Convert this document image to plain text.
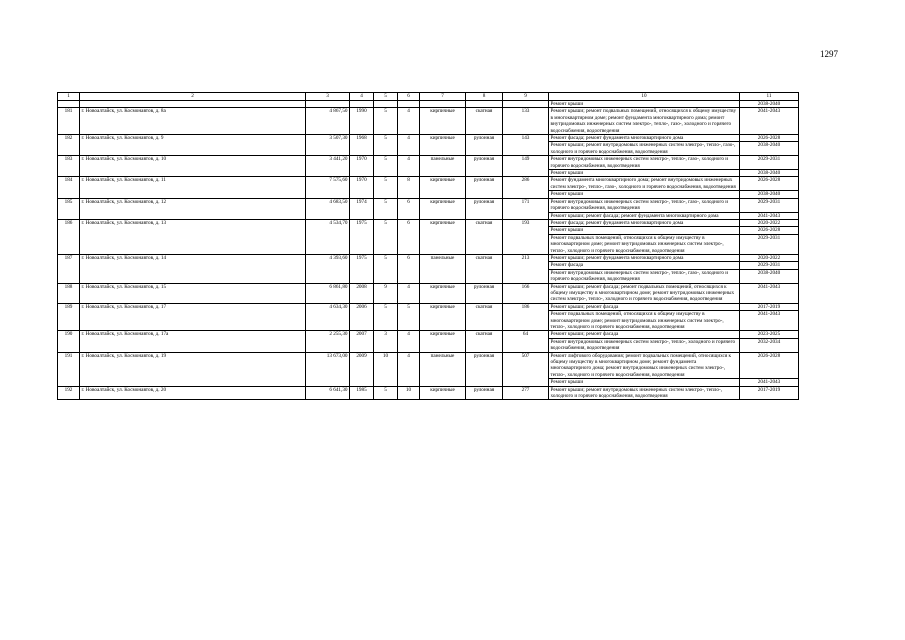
1297
1	2	3	4	5	6	7	8	9	10	11
									Ремонт крыши	2038-2040
181	г. Новоалтайск, ул. Космонавтов, д. 8а	4 867,50	1990	5	4	кирпичные	скатная	133	Ремонт крыши; ремонт подвальных помещений, относящихся к общему имуществу в многоквартирном доме; ремонт фундамента многоквартирного дома; ремонт внутридомовых инженерных систем электро-, тепло-, газо-, холодного и горячего водоснабжения, водоотведения	2041-2043
182	г. Новоалтайск, ул. Космонавтов, д. 9	3 507,30	1968	5	4	кирпичные	рулонная	143	Ремонт фасада; ремонт фундамента многоквартирного дома	2026-2028
									Ремонт крыши; ремонт внутридомовых инженерных систем электро-, тепло-, газо-, холодного и горячего водоснабжения, водоотведения	2038-2040
183	г. Новоалтайск, ул. Космонавтов, д. 10	3 441,20	1970	5	4	панельные	рулонная	149	Ремонт внутридомовых инженерных систем электро-, тепло-, газо-, холодного и горячего водоснабжения, водоотведения	2029-2031
									Ремонт крыши	2038-2040
184	г. Новоалтайск, ул. Космонавтов, д. 11	7 575,60	1970	5	8	кирпичные	рулонная	286	Ремонт фундамента многоквартирного дома; ремонт внутридомовых инженерных систем электро-, тепло-, газо-, холодного и горячего водоснабжения, водоотведения	2026-2028
									Ремонт крыши	2038-2040
185	г. Новоалтайск, ул. Космонавтов, д. 12	4 683,50	1974	5	6	кирпичные	рулонная	171	Ремонт внутридомовых инженерных систем электро-, тепло-, газо-, холодного и горячего водоснабжения, водоотведения	2029-2031
									Ремонт крыши; ремонт фасада; ремонт фундамента многоквартирного дома	2041-2043
186	г. Новоалтайск, ул. Космонавтов, д. 13	4 534,70	1975	5	6	кирпичные	скатная	193	Ремонт фасада; ремонт фундамента многоквартирного дома	2020-2022
									Ремонт крыши	2026-2028
									Ремонт подвальных помещений, относящихся к общему имуществу в многоквартирном доме; ремонт внутридомовых инженерных систем электро-, тепло-, холодного и горячего водоснабжения, водоотведения	2029-2031
187	г. Новоалтайск, ул. Космонавтов, д. 14	4 393,60	1975	5	6	панельные	скатная	213	Ремонт крыши; ремонт фундамента многоквартирного дома	2020-2022
									Ремонт фасада	2029-2031
									Ремонт внутридомовых инженерных систем электро-, тепло-, газо-, холодного и горячего водоснабжения, водоотведения	2038-2040
188	г. Новоалтайск, ул. Космонавтов, д. 15	6 861,80	2008	9	4	кирпичные	рулонная	166	Ремонт крыши; ремонт фасада; ремонт подвальных помещений, относящихся к общему имуществу в многоквартирном доме; ремонт внутридомовых инженерных систем электро-, тепло-, холодного и горячего водоснабжения, водоотведения	2041-2043
189	г. Новоалтайск, ул. Космонавтов, д. 17	4 634,30	2006	5	5	кирпичные	скатная	186	Ремонт крыши; ремонт фасада	2017-2019
									Ремонт подвальных помещений, относящихся к общему имуществу в многоквартирном доме; ремонт внутридомовых инженерных систем электро-, тепло-, холодного и горячего водоснабжения, водоотведения	2041-2043
190	г. Новоалтайск, ул. Космонавтов, д. 17а	2 255,30	2007	3	4	кирпичные	скатная	64	Ремонт крыши; ремонт фасада	2023-2025
									Ремонт внутридомовых инженерных систем электро-, тепло-, холодного и горячего водоснабжения, водоотведения	2032-2034
191	г. Новоалтайск, ул. Космонавтов, д. 19	13 673,00	2009	10	4	панельные	рулонная	507	Ремонт лифтового оборудования; ремонт подвальных помещений, относящихся к общему имуществу в многоквартирном доме; ремонт фундамента многоквартирного дома; ремонт внутридомовых инженерных систем электро-, тепло-, холодного и горячего водоснабжения, водоотведения	2026-2028
									Ремонт крыши	2041-2043
192	г. Новоалтайск, ул. Космонавтов, д. 20	6 641,30	1985	5	10	кирпичные	рулонная	277	Ремонт крыши; ремонт внутридомовых инженерных систем электро-, тепло-, холодного и горячего водоснабжения, водоотведения	2017-2019
